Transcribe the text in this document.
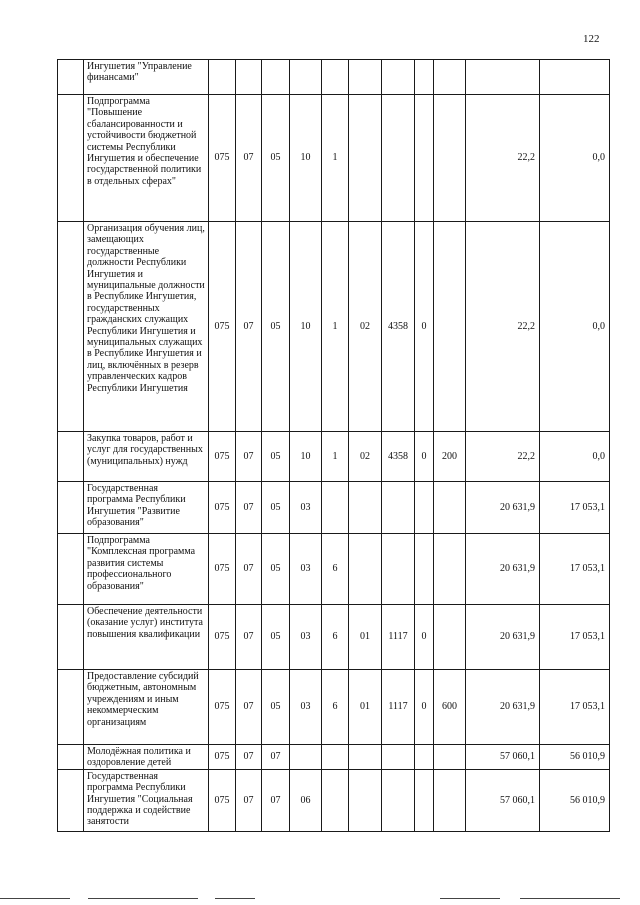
122
	Ингушетия "Управление финансами"											
	Подпрограмма "Повышение сбалансированности и устойчивости бюджетной системы Республики Ингушетия и обеспечение государственной политики в отдельных сферах"	075	07	05	10	1					22,2	0,0
	Организация обучения лиц, замещающих государственные должности Республики Ингушетия и муниципальные должности в Республике Ингушетия, государственных гражданских служащих Республики Ингушетия и муниципальных служащих в Республике Ингушетия и лиц, включённых в резерв управленческих кадров Республики Ингушетия	075	07	05	10	1	02	4358	0		22,2	0,0
	Закупка товаров, работ и услуг для государственных (муниципальных) нужд	075	07	05	10	1	02	4358	0	200	22,2	0,0
	Государственная программа Республики Ингушетия "Развитие образования"	075	07	05	03						20 631,9	17 053,1
	Подпрограмма "Комплексная программа развития системы профессионального образования"	075	07	05	03	6					20 631,9	17 053,1
	Обеспечение деятельности (оказание услуг) института повышения квалификации	075	07	05	03	6	01	1117	0		20 631,9	17 053,1
	Предоставление субсидий бюджетным, автономным учреждениям и иным некоммерческим организациям	075	07	05	03	6	01	1117	0	600	20 631,9	17 053,1
	Молодёжная политика и оздоровление детей	075	07	07							57 060,1	56 010,9
	Государственная программа Республики Ингушетия "Социальная поддержка и содействие занятости	075	07	07	06						57 060,1	56 010,9
